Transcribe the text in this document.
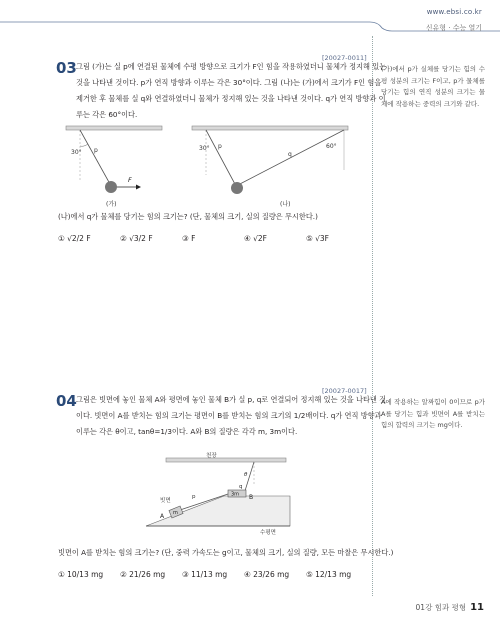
www.ebsi.co.kr
신유형 · 수능 열기
[20027-0011]
03 그림 (가)는 실 p에 연결된 물체에 수평 방향으로 크기가 F인 힘을 작용하였더니 물체가 정지해 있는 것을 나타낸 것이다. p가 연직 방향과 이루는 각은 30°이다. 그림 (나)는 (가)에서 크기가 F인 힘을 제거한 후 물체를 실 q와 연결하였더니 물체가 정지해 있는 것을 나타낸 것이다. q가 연직 방향과 이루는 각은 60°이다.
(가)에서 p가 실체를 당기는 힘의 수평 성분의 크기는 F이고, p가 물체를 당기는 힘의 연직 성분의 크기는 물체에 작용하는 중력의 크기와 같다.
30° p
F
(가)
30° p	60°
q
(나)
(나)에서 q가 물체를 당기는 힘의 크기는? (단, 물체의 크기, 실의 질량은 무시한다.)
① √2/2 F	② √3/2 F	③ F	④ √2F	⑤ √3F
[20027-0017]
04 그림은 빗면에 놓인 물체 A와 평면에 놓인 물체 B가 실 p, q로 연결되어 정지해 있는 것을 나타낸 것이다. 빗면이 A를 받치는 힘의 크기는 평면이 B를 받치는 힘의 크기의 1/2배이다. q가 연직 방향과 이루는 각은 θ이고, tanθ=1/3이다. A와 B의 질량은 각각 m, 3m이다.
A에 작용하는 알짜힘이 0이므로 p가 A를 당기는 힘과 빗면이 A를 받치는 힘의 합력의 크기는 mg이다.
천장
θ
q
3m B
p
m
A
빗면
수평면
빗면이 A를 받치는 힘의 크기는? (단, 중력 가속도는 g이고, 물체의 크기, 실의 질량, 모든 마찰은 무시한다.)
① 10/13 mg	② 21/26 mg	③ 11/13 mg	④ 23/26 mg	⑤ 12/13 mg
01강 힘과 평형 11
